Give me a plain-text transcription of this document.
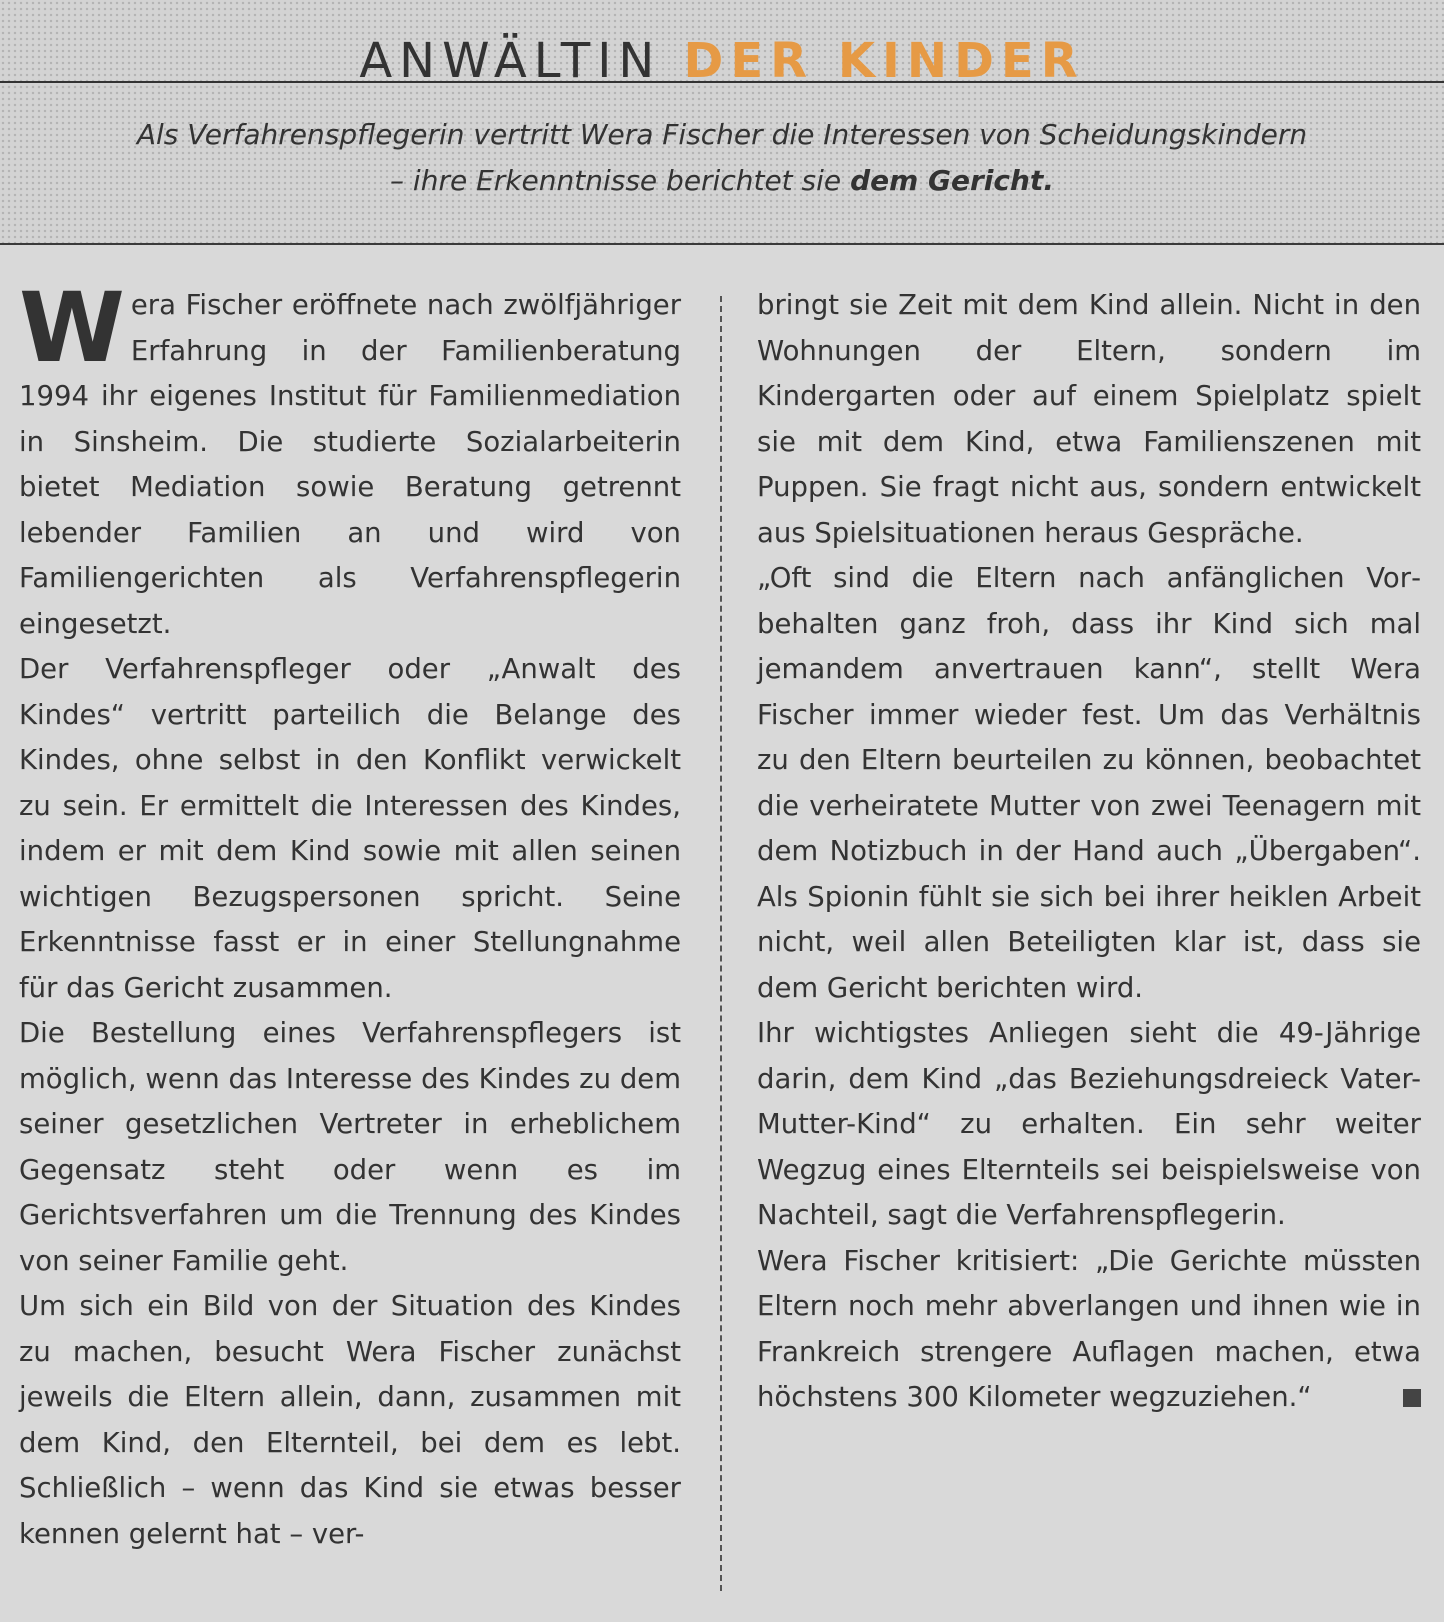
ANWÄLTIN DER KINDER
Als Verfahrenspflegerin vertritt Wera Fischer die Interessen von Scheidungskindern
– ihre Erkenntnisse berichtet sie dem Gericht.

Wera Fischer eröffnete nach zwölfjähriger Erfahrung in der Familienberatung 1994 ihr eigenes Institut für Familienmediation in Sinsheim. Die studierte Sozialarbeiterin bietet Mediation sowie Beratung getrennt lebender Familien an und wird von Familiengerichten als Verfahrenspflegerin eingesetzt.

Der Verfahrenspfleger oder „Anwalt des Kindes“ vertritt parteilich die Belange des Kindes, ohne selbst in den Konflikt verwickelt zu sein. Er ermittelt die Interessen des Kindes, indem er mit dem Kind sowie mit allen seinen wichtigen Bezugspersonen spricht. Seine Erkenntnisse fasst er in einer Stellungnahme für das Gericht zusammen.

Die Bestellung eines Verfahrenspflegers ist möglich, wenn das Interesse des Kindes zu dem seiner gesetzlichen Vertreter in erheblichem Gegensatz steht oder wenn es im Gerichtsverfahren um die Trennung des Kindes von seiner Familie geht.

Um sich ein Bild von der Situation des Kindes zu machen, besucht Wera Fischer zunächst jeweils die Eltern allein, dann, zusammen mit dem Kind, den Elternteil, bei dem es lebt. Schließlich – wenn das Kind sie etwas besser kennen gelernt hat – ver-

bringt sie Zeit mit dem Kind allein. Nicht in den Wohnungen der Eltern, sondern im Kindergarten oder auf einem Spielplatz spielt sie mit dem Kind, etwa Familienszenen mit Puppen. Sie fragt nicht aus, sondern entwickelt aus Spielsituationen heraus Gespräche.

„Oft sind die Eltern nach anfänglichen Vorbehalten ganz froh, dass ihr Kind sich mal jemandem anvertrauen kann“, stellt Wera Fischer immer wieder fest. Um das Verhältnis zu den Eltern beurteilen zu können, beobachtet die verheiratete Mutter von zwei Teenagern mit dem Notizbuch in der Hand auch „Übergaben“. Als Spionin fühlt sie sich bei ihrer heiklen Arbeit nicht, weil allen Beteiligten klar ist, dass sie dem Gericht berichten wird.

Ihr wichtigstes Anliegen sieht die 49-Jährige darin, dem Kind „das Beziehungsdreieck Vater-Mutter-Kind“ zu erhalten. Ein sehr weiter Wegzug eines Elternteils sei beispielsweise von Nachteil, sagt die Verfahrenspflegerin.

Wera Fischer kritisiert: „Die Gerichte müssten Eltern noch mehr abverlangen und ihnen wie in Frankreich strengere Auflagen machen, etwa höchstens 300 Kilometer wegzuziehen.“
